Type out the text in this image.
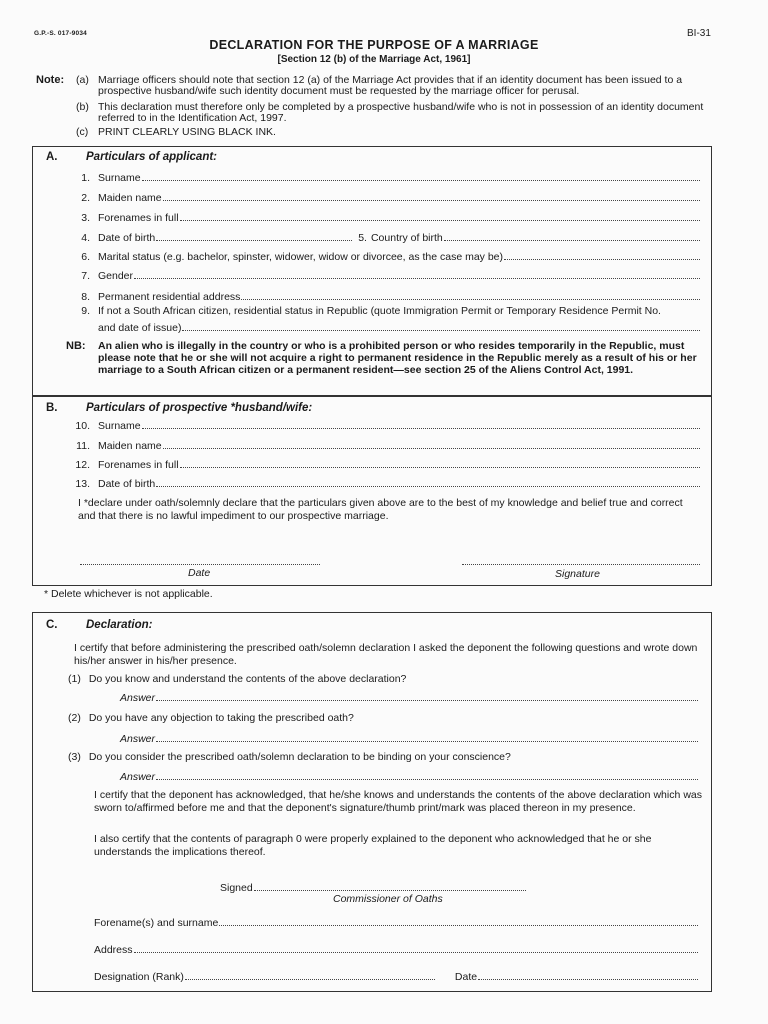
G.P.-S. 017-9034	BI-31
DECLARATION FOR THE PURPOSE OF A MARRIAGE
[Section 12 (b) of the Marriage Act, 1961]
Note: (a) Marriage officers should note that section 12 (a) of the Marriage Act provides that if an identity document has been issued to a prospective husband/wife such identity document must be requested by the marriage officer for perusal.
(b) This declaration must therefore only be completed by a prospective husband/wife who is not in possession of an identity document referred to in the Identification Act, 1997.
(c) PRINT CLEARLY USING BLACK INK.
A. Particulars of applicant:
1. Surname
2. Maiden name
3. Forenames in full
4. Date of birth	5. Country of birth
6. Marital status (e.g. bachelor, spinster, widower, widow or divorcee, as the case may be)
7. Gender
8. Permanent residential address
9. If not a South African citizen, residential status in Republic (quote Immigration Permit or Temporary Residence Permit No.
and date of issue)
NB: An alien who is illegally in the country or who is a prohibited person or who resides temporarily in the Republic, must please note that he or she will not acquire a right to permanent residence in the Republic merely as a result of his or her marriage to a South African citizen or a permanent resident—see section 25 of the Aliens Control Act, 1991.
B. Particulars of prospective *husband/wife:
10. Surname
11. Maiden name
12. Forenames in full
13. Date of birth
I *declare under oath/solemnly declare that the particulars given above are to the best of my knowledge and belief true and correct and that there is no lawful impediment to our prospective marriage.
Date	Signature
* Delete whichever is not applicable.
C. Declaration:
I certify that before administering the prescribed oath/solemn declaration I asked the deponent the following questions and wrote down his/her answer in his/her presence.
(1) Do you know and understand the contents of the above declaration?
Answer
(2) Do you have any objection to taking the prescribed oath?
Answer
(3) Do you consider the prescribed oath/solemn declaration to be binding on your conscience?
Answer
I certify that the deponent has acknowledged, that he/she knows and understands the contents of the above declaration which was sworn to/affirmed before me and that the deponent's signature/thumb print/mark was placed thereon in my presence.
I also certify that the contents of paragraph 0 were properly explained to the deponent who acknowledged that he or she understands the implications thereof.
Signed
Commissioner of Oaths
Forename(s) and surname
Address
Designation (Rank)	Date
